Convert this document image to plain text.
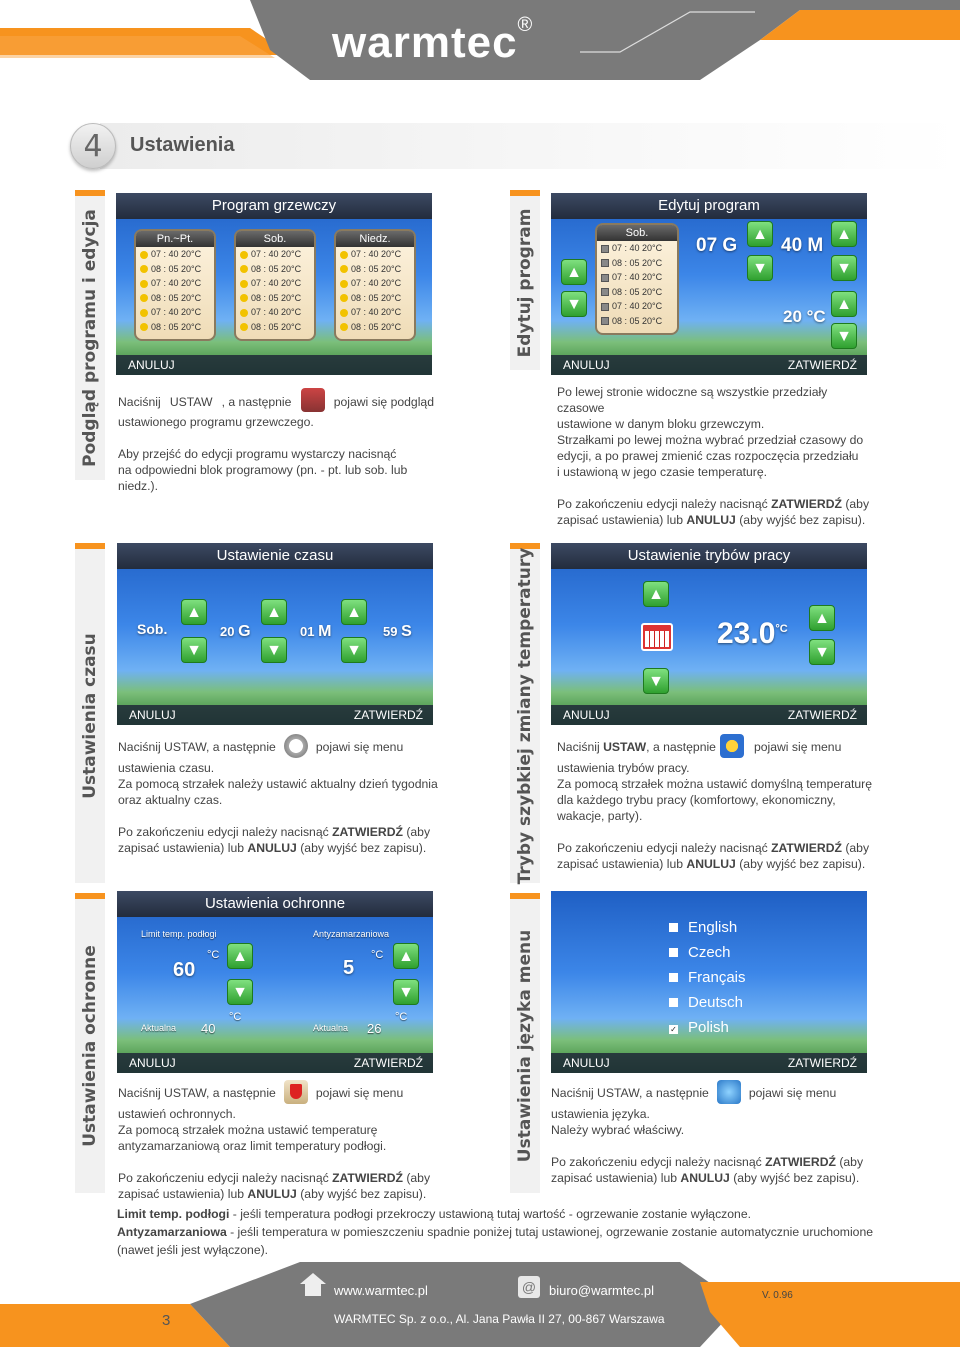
warmtec®
4	Ustawienia
Podgląd programu i edycja
Program grzewczy
Pn.~Pt.
07 : 40 20°C
08 : 05 20°C
07 : 40 20°C
08 : 05 20°C
07 : 40 20°C
08 : 05 20°C
Sob.
07 : 40 20°C
08 : 05 20°C
07 : 40 20°C
08 : 05 20°C
07 : 40 20°C
08 : 05 20°C
Niedz.
07 : 40 20°C
08 : 05 20°C
07 : 40 20°C
08 : 05 20°C
07 : 40 20°C
08 : 05 20°C
ANULUJ

Naciśnij USTAW , a następnie	pojawi się podgląd

ustawionego programu grzewczego.

Aby przejść do edycji programu wystarczy nacisnąć

na odpowiedni blok programowy (pn. - pt. lub sob. lub

niedz.).

Edytuj program
Edytuj program
Sob.
07 : 40 20°C
08 : 05 20°C
07 : 40 20°C
08 : 05 20°C
07 : 40 20°C
08 : 05 20°C
▲
▼
07 G
▲
▼
40 M
▲
▼
20 °C
▲
▼
ANULUJ	ZATWIERDŹ

Po lewej stronie widoczne są wszystkie przedziały czasowe

ustawione w danym bloku grzewczym.

Strzałkami po lewej można wybrać przedział czasowy do

edycji, a po prawej zmienić czas rozpoczęcia przedziału

i ustawioną w jego czasie temperaturę.

Po zakończeniu edycji należy nacisnąć ZATWIERDŹ (aby

zapisać ustawienia) lub ANULUJ (aby wyjść bez zapisu).

Ustawienia czasu
Ustawienie czasu
Sob.
▲
▼
20 G
▲
▼
01 M
▲
▼
59 S
ANULUJ	ZATWIERDŹ

Naciśnij USTAW, a następnie	pojawi się menu

ustawienia czasu.

Za pomocą strzałek należy ustawić aktualny dzień tygodnia

oraz aktualny czas.

Po zakończeniu edycji należy nacisnąć ZATWIERDŹ (aby

zapisać ustawienia) lub ANULUJ (aby wyjść bez zapisu).	Tryby szybkiej zmiany temperatury	Ustawienie trybów pracy
▲
▼
$23.0^{^\circ C}$
▲
▼
ANULUJ	ZATWIERDŹ

Naciśnij USTAW, a następnie	pojawi się menu

ustawienia trybów pracy.

Za pomocą strzałek można ustawić domyślną temperaturę

dla każdego trybu pracy (komfortowy, ekonomiczny,

wakacje, party).

Po zakończeniu edycji należy nacisnąć ZATWIERDŹ (aby

zapisać ustawienia) lub ANULUJ (aby wyjść bez zapisu).

Ustawienia ochronne
Ustawienia ochronne
Limit temp. podłogi
60
°C ▲
▼
°C
Aktualna 40
Antyzamarzaniowa
5
°C ▲
▼
°C
Aktualna 26
ANULUJ	ZATWIERDŹ

Naciśnij USTAW, a następnie	pojawi się menu

ustawień ochronnych.

Za pomocą strzałek można ustawić temperaturę

antyzamarzaniową oraz limit temperatury podłogi.

Po zakończeniu edycji należy nacisnąć ZATWIERDŹ (aby

zapisać ustawienia) lub ANULUJ (aby wyjść bez zapisu).

Ustawienia języka menu
English
Czech
Français
Deutsch
✓ Polish
ANULUJ	ZATWIERDŹ

Naciśnij USTAW, a następnie	pojawi się menu

ustawienia języka.

Należy wybrać właściwy.

Po zakończeniu edycji należy nacisnąć ZATWIERDŹ (aby

zapisać ustawienia) lub ANULUJ (aby wyjść bez zapisu).

Limit temp. podłogi - jeśli temperatura podłogi przekroczy ustawioną tutaj wartość - ogrzewanie zostanie wyłączone.

Antyzamarzaniowa - jeśli temperatura w pomieszczeniu spadnie poniżej tutaj ustawionej, ogrzewanie zostanie automatycznie uruchomione

(nawet jeśli jest wyłączone).

3
www.warmtec.pl	@ biuro@warmtec.pl
WARMTEC Sp. z o.o., Al. Jana Pawła II 27, 00-867 Warszawa
V. 0.96
